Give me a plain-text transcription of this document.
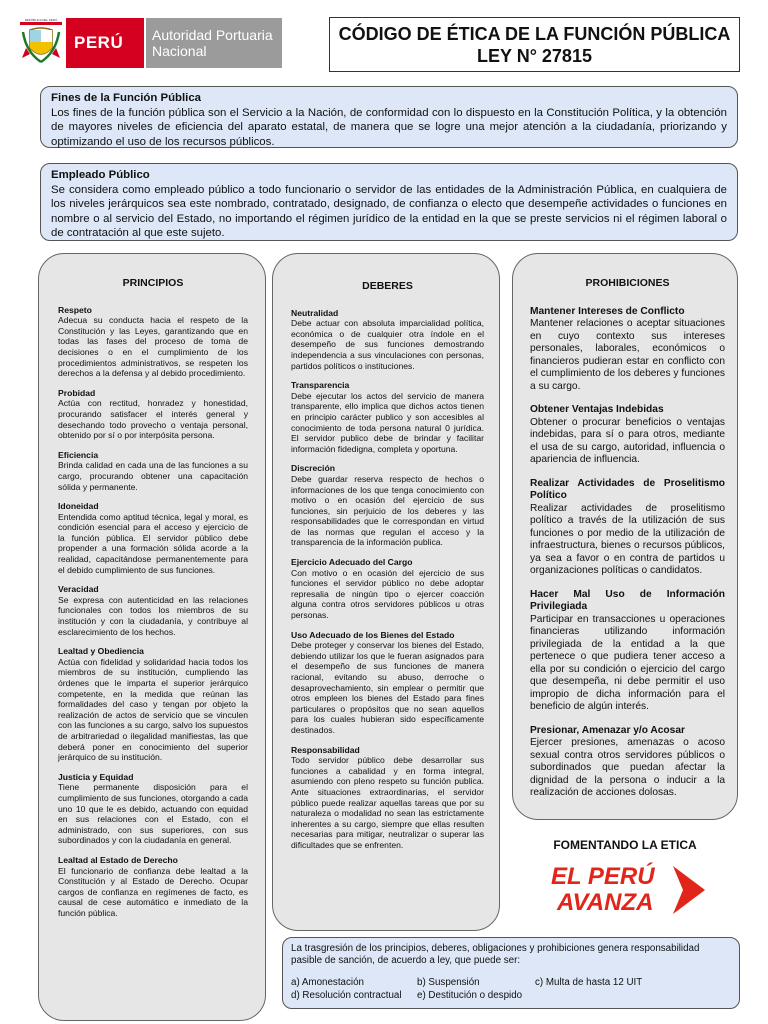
REPÚBLICA DEL PERÚ
PERÚ	Autoridad Portuaria
Nacional
CÓDIGO DE ÉTICA DE LA FUNCIÓN PÚBLICA
LEY N° 27815
Fines de la Función Pública
Los fines de la función pública son el Servicio a la Nación, de conformidad con lo dispuesto en la Constitución Política, y la obtención de mayores niveles de eficiencia del aparato estatal, de manera que se logre una mejor atención a la ciudadanía, priorizando y optimizando el uso de los recursos públicos.
Empleado Público
Se considera como empleado público a todo funcionario o servidor de las entidades de la Administración Pública, en cualquiera de los niveles jerárquicos sea este nombrado, contratado, designado, de confianza o electo que desempeñe actividades o funciones en nombre o al servicio del Estado, no importando el régimen jurídico de la entidad en la que se preste servicios ni el régimen laboral o de contratación al que este sujeto.
PRINCIPIOS
Respeto
Adecua su conducta hacia el respeto de la Constitución y las Leyes, garantizando que en todas las fases del proceso de toma de decisiones o en el cumplimiento de los procedimientos administrativos, se respeten los derechos a la defensa y al debido procedimiento.
Probidad
Actúa con rectitud, honradez y honestidad, procurando satisfacer el interés general y desechando todo provecho o ventaja personal, obtenido por sí o por interpósita persona.
Eficiencia
Brinda calidad en cada una de las funciones a su cargo, procurando obtener una capacitación sólida y permanente.
Idoneidad
Entendida como aptitud técnica, legal y moral, es condición esencial para el acceso y ejercicio de la función pública. El servidor público debe propender a una formación sólida acorde a la realidad, capacitándose permanentemente para el debido cumplimiento de sus funciones.
Veracidad
Se expresa con autenticidad en las relaciones funcionales con todos los miembros de su institución y con la ciudadanía, y contribuye al esclarecimiento de los hechos.
Lealtad y Obediencia
Actúa con fidelidad y solidaridad hacia todos los miembros de su institución, cumpliendo las órdenes que le imparta el superior jerárquico competente, en la medida que reúnan las formalidades del caso y tengan por objeto la realización de actos de servicio que se vinculen con las funciones a su cargo, salvo los supuestos de arbitrariedad o ilegalidad manifiestas, las que deberá poner en conocimiento del superior jerárquico de su institución.
Justicia y Equidad
Tiene permanente disposición para el cumplimiento de sus funciones, otorgando a cada uno 10 que le es debido, actuando con equidad en sus relaciones con el Estado, con el administrado, con sus superiores, con sus subordinados y con la ciudadanía en general.
Lealtad al Estado de Derecho
El funcionario de confianza debe lealtad a la Constitución y al Estado de Derecho. Ocupar cargos de confianza en regímenes de facto, es causal de cese automático e inmediato de la función pública.
DEBERES
Neutralidad
Debe actuar con absoluta imparcialidad política, económica o de cualquier otra índole en el desempeño de sus funciones demostrando independencia a sus vinculaciones con personas, partidos políticos o instituciones.
Transparencia
Debe ejecutar los actos del servicio de manera transparente, ello implica que dichos actos tienen en principio carácter publico y son accesibles al conocimiento de toda persona natural 0 jurídica. El servidor publico debe de brindar y facilitar información fidedigna, completa y oportuna.
Discreción
Debe guardar reserva respecto de hechos o informaciones de los que tenga conocimiento con motivo o en ocasión del ejercicio de sus funciones, sin perjuicio de los deberes y las responsabilidades que le correspondan en virtud de las normas que regulan el acceso y la transparencia de la información publica.
Ejercicio Adecuado del Cargo
Con motivo o en ocasión del ejercicio de sus funciones el servidor público no debe adoptar represalia de ningún tipo o ejercer coacción alguna contra otros servidores públicos u otras personas.
Uso Adecuado de los Bienes del Estado
Debe proteger y conservar los bienes del Estado, debiendo utilizar los que le fueran asignados para el desempeño de sus funciones de manera racional, evitando su abuso, derroche o desaprovechamiento, sin emplear o permitir que otros empleen los bienes del Estado para fines particulares o propósitos que no sean aquellos para los cuales hubieran sido específicamente destinados.
Responsabilidad
Todo servidor público debe desarrollar sus funciones a cabalidad y en forma integral, asumiendo con pleno respeto su función publica. Ante situaciones extraordinarias, el servidor público puede realizar aquellas tareas que por su naturaleza o modalidad no sean las estrictamente inherentes a su cargo, siempre que ellas resulten necesarias para mitigar, neutralizar o superar las dificultades que se enfrenten.
PROHIBICIONES
Mantener Intereses de Conflicto
Mantener relaciones o aceptar situaciones en cuyo contexto sus intereses personales, laborales, económicos o financieros pudieran estar en conflicto con el cumplimiento de los deberes y funciones a su cargo.
Obtener Ventajas Indebidas
Obtener o procurar beneficios o ventajas indebidas, para sí o para otros, mediante el usa de su cargo, autoridad, influencia o apariencia de influencia.
Realizar Actividades de Proselitismo Político
Realizar actividades de proselitismo político a través de la utilización de sus funciones o por medio de la utilización de infraestructura, bienes o recursos públicos, ya sea a favor o en contra de partidos u organizaciones políticas o candidatos.
Hacer Mal Uso de Información Privilegiada
Participar en transacciones u operaciones financieras utilizando información privilegiada de la entidad a la que pertenece o que pudiera tener acceso a ella por su condición o ejercicio del cargo que desempeña, ni debe permitir el uso impropio de dicha información para el beneficio de algún interés.
Presionar, Amenazar y/o Acosar
Ejercer presiones, amenazas o acoso sexual contra otros servidores públicos o subordinados que puedan afectar la dignidad de la persona o inducir a la realización de acciones dolosas.
FOMENTANDO LA ETICA
EL PERÚ
AVANZA
La trasgresión de los principios, deberes, obligaciones y prohibiciones genera responsabilidad pasible de sanción, de acuerdo a ley, que puede ser:
a) Amonestación	b) Suspensión	c) Multa de hasta 12 UIT
d) Resolución contractual	e) Destitución o despido
